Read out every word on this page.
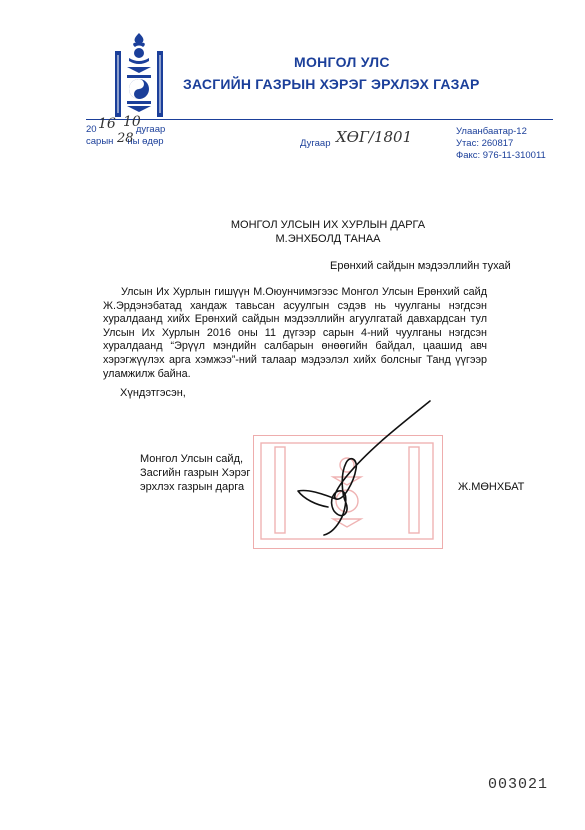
МОНГОЛ УЛС
ЗАСГИЙН ГАЗРЫН ХЭРЭГ ЭРХЛЭХ ГАЗАР
20	дугаар
сарын ны өдөр
16 10
28	Дугаар ХӨГ/1801	Улаанбаатар-12
Утас: 260817
Факс: 976-11-310011
МОНГОЛ УЛСЫН ИХ ХУРЛЫН ДАРГА
М.ЭНХБОЛД ТАНАА
Ерөнхий сайдын мэдээллийн тухай
Улсын Их Хурлын гишүүн М.Оюунчимэгээс Монгол Улсын Ерөнхий сайд Ж.Эрдэнэбатад хандаж тавьсан асуулгын сэдэв нь чуулганы нэгдсэн хуралдаанд хийх Ерөнхий сайдын мэдээллийн агуулгатай давхардсан тул Улсын Их Хурлын 2016 оны 11 дүгээр сарын 4-ний чуулганы нэгдсэн хуралдаанд “Эрүүл мэндийн салбарын өнөөгийн байдал, цаашид авч хэрэгжүүлэх арга хэмжээ”-ний талаар мэдээлэл хийх болсныг Танд үүгээр уламжилж байна.
Хүндэтгэсэн,
Монгол Улсын сайд,
Засгийн газрын Хэрэг
эрхлэх газрын дарга	Ж.МӨНХБАТ
003021
